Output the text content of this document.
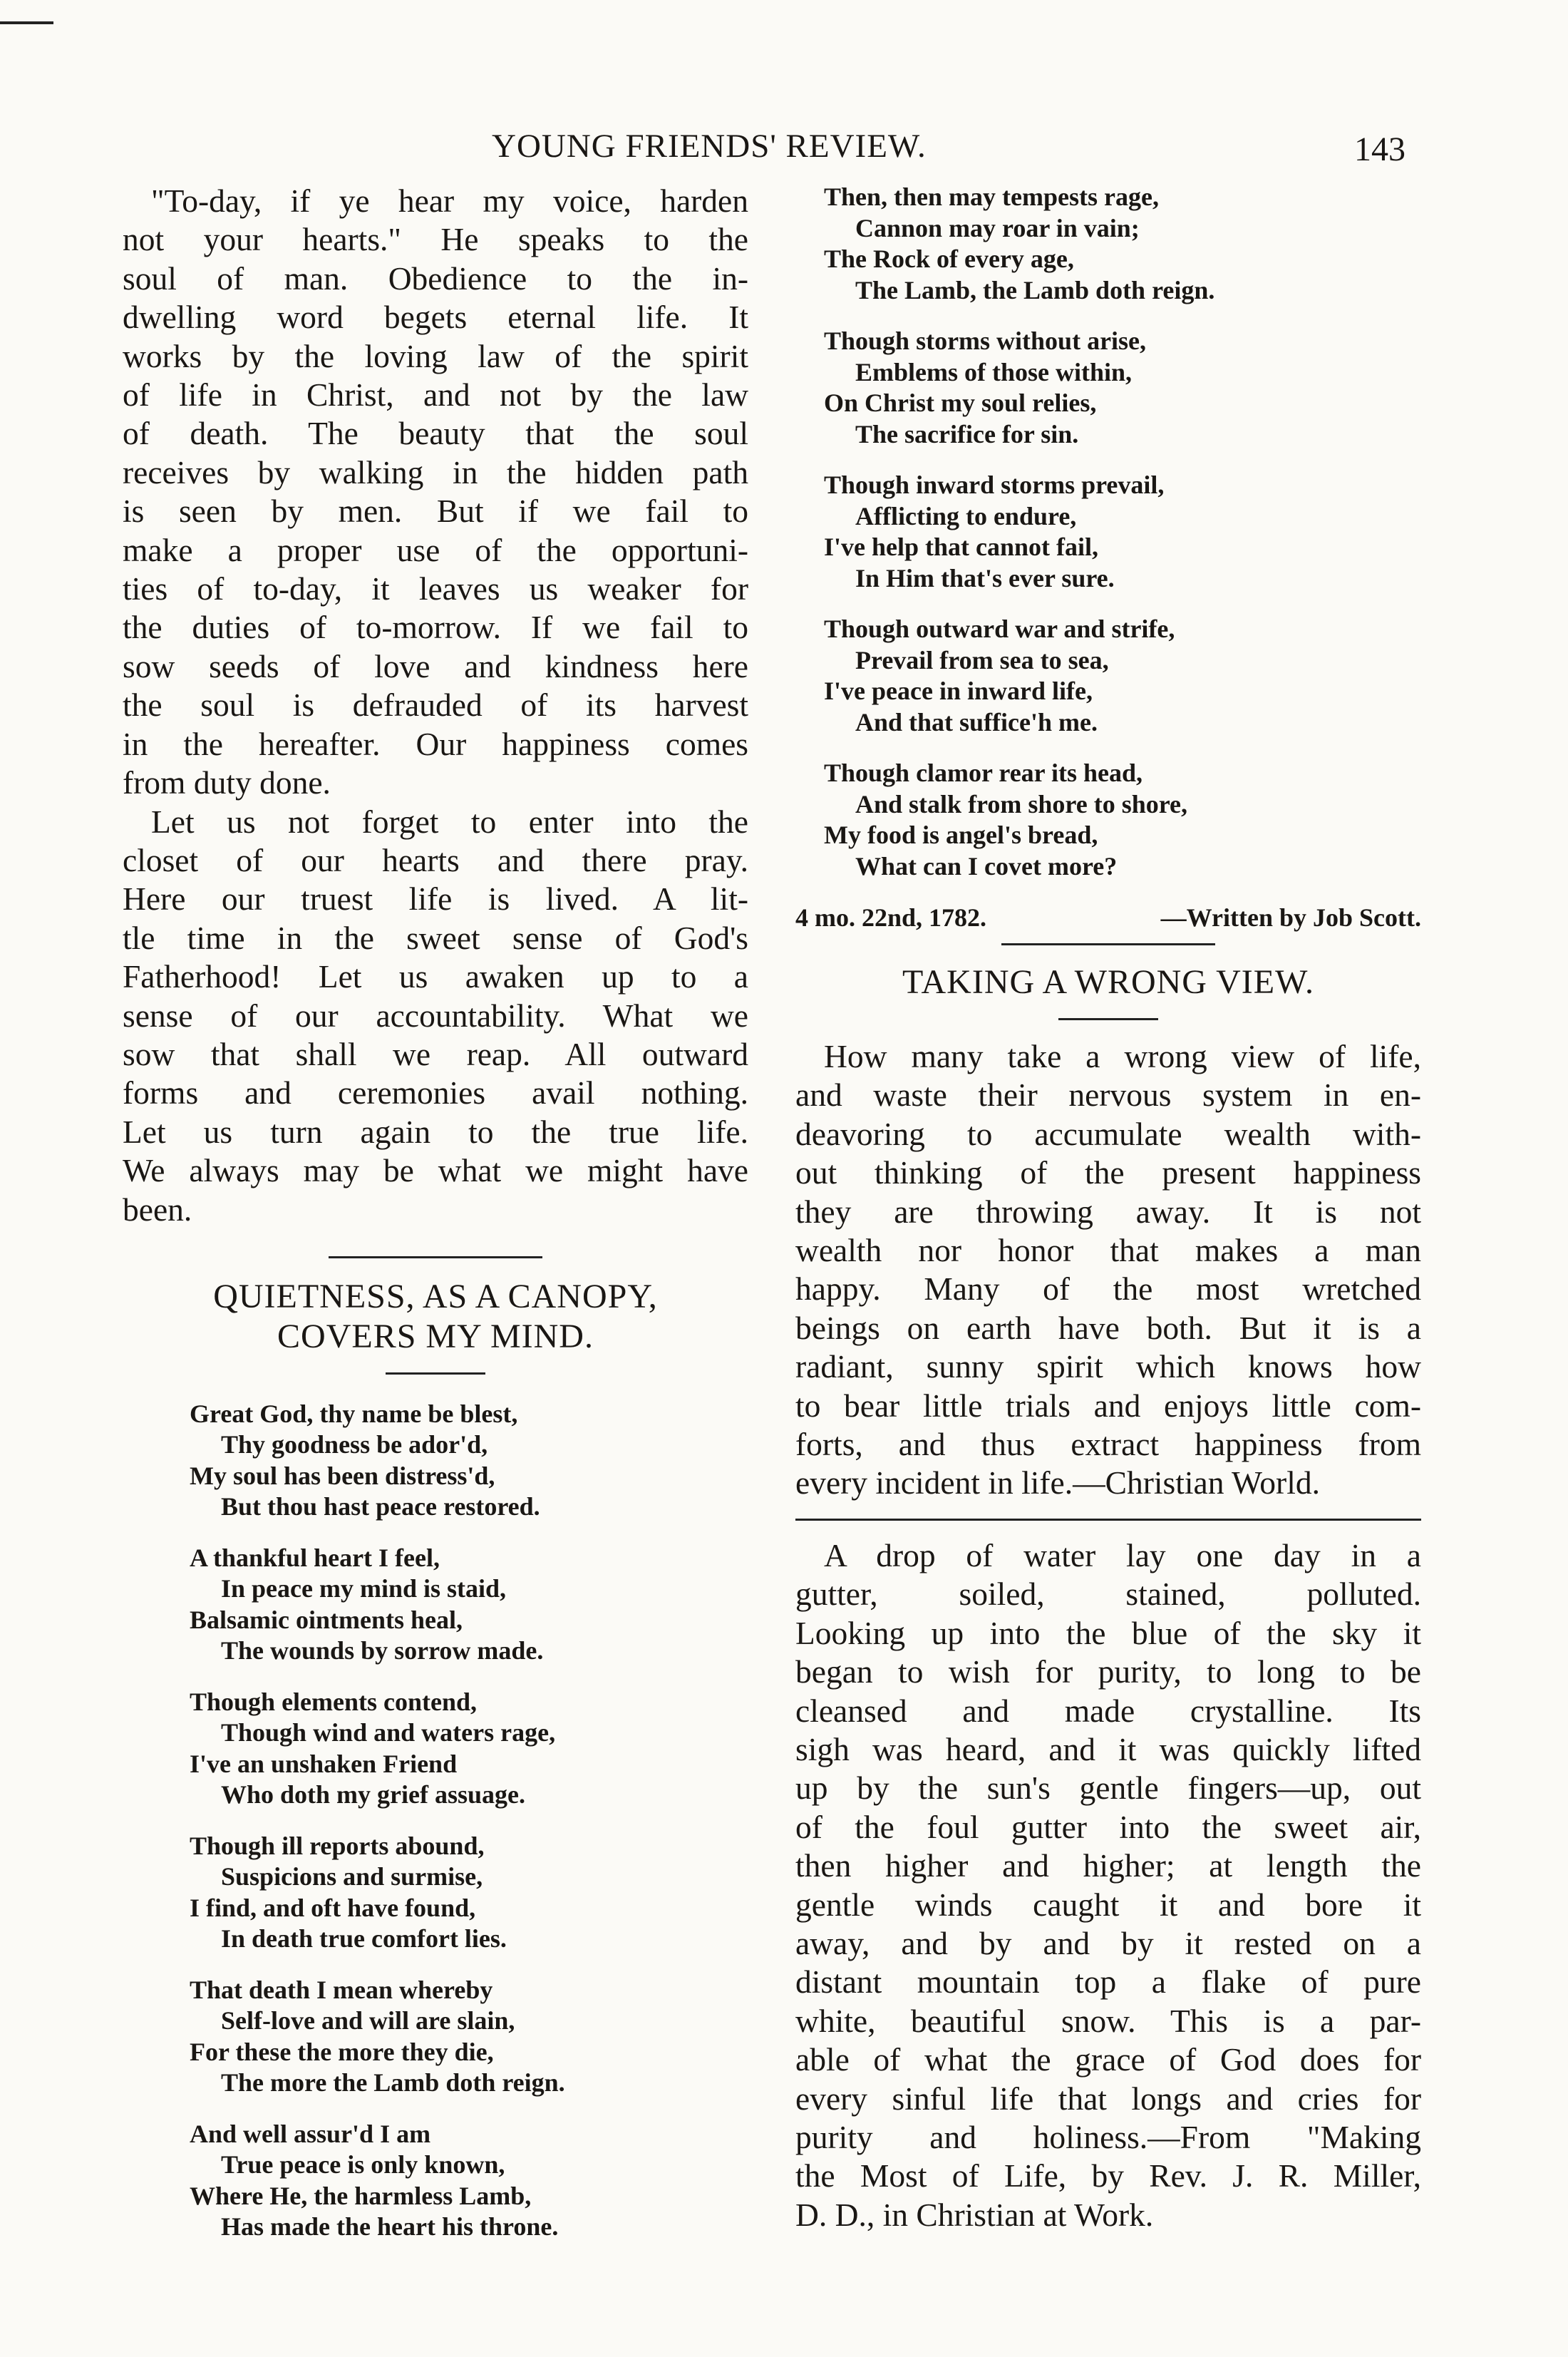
YOUNG FRIENDS' REVIEW.	143
"To-day, if ye hear my voice, harden
not your hearts." He speaks to the
soul of man. Obedience to the in-
dwelling word begets eternal life. It
works by the loving law of the spirit
of life in Christ, and not by the law
of death. The beauty that the soul
receives by walking in the hidden path
is seen by men. But if we fail to
make a proper use of the opportuni-
ties of to-day, it leaves us weaker for
the duties of to-morrow. If we fail to
sow seeds of love and kindness here
the soul is defrauded of its harvest
in the hereafter. Our happiness comes
from duty done.
Let us not forget to enter into the
closet of our hearts and there pray.
Here our truest life is lived. A lit-
tle time in the sweet sense of God's
Fatherhood! Let us awaken up to a
sense of our accountability. What we
sow that shall we reap. All outward
forms and ceremonies avail nothing.
Let us turn again to the true life.
We always may be what we might have
been.

QUIETNESS, AS A CANOPY,

COVERS MY MIND.

Great God, thy name be blest,
Thy goodness be ador'd,
My soul has been distress'd,
But thou hast peace restored.
A thankful heart I feel,
In peace my mind is staid,
Balsamic ointments heal,
The wounds by sorrow made.
Though elements contend,
Though wind and waters rage,
I've an unshaken Friend
Who doth my grief assuage.
Though ill reports abound,
Suspicions and surmise,
I find, and oft have found,
In death true comfort lies.
That death I mean whereby
Self-love and will are slain,
For these the more they die,
The more the Lamb doth reign.
And well assur'd I am
True peace is only known,
Where He, the harmless Lamb,
Has made the heart his throne.
Then, then may tempests rage,
Cannon may roar in vain;
The Rock of every age,
The Lamb, the Lamb doth reign.
Though storms without arise,
Emblems of those within,
On Christ my soul relies,
The sacrifice for sin.
Though inward storms prevail,
Afflicting to endure,
I've help that cannot fail,
In Him that's ever sure.
Though outward war and strife,
Prevail from sea to sea,
I've peace in inward life,
And that suffice'h me.
Though clamor rear its head,
And stalk from shore to shore,
My food is angel's bread,
What can I covet more?
4 mo. 22nd, 1782.	—Written by Job Scott.

TAKING A WRONG VIEW.

How many take a wrong view of life,
and waste their nervous system in en-
deavoring to accumulate wealth with-
out thinking of the present happiness
they are throwing away. It is not
wealth nor honor that makes a man
happy. Many of the most wretched
beings on earth have both. But it is a
radiant, sunny spirit which knows how
to bear little trials and enjoys little com-
forts, and thus extract happiness from
every incident in life.—Christian World.
A drop of water lay one day in a
gutter, soiled, stained, polluted.
Looking up into the blue of the sky it
began to wish for purity, to long to be
cleansed and made crystalline. Its
sigh was heard, and it was quickly lifted
up by the sun's gentle fingers—up, out
of the foul gutter into the sweet air,
then higher and higher; at length the
gentle winds caught it and bore it
away, and by and by it rested on a
distant mountain top a flake of pure
white, beautiful snow. This is a par-
able of what the grace of God does for
every sinful life that longs and cries for
purity and holiness.—From "Making
the Most of Life, by Rev. J. R. Miller,
D. D., in Christian at Work.
